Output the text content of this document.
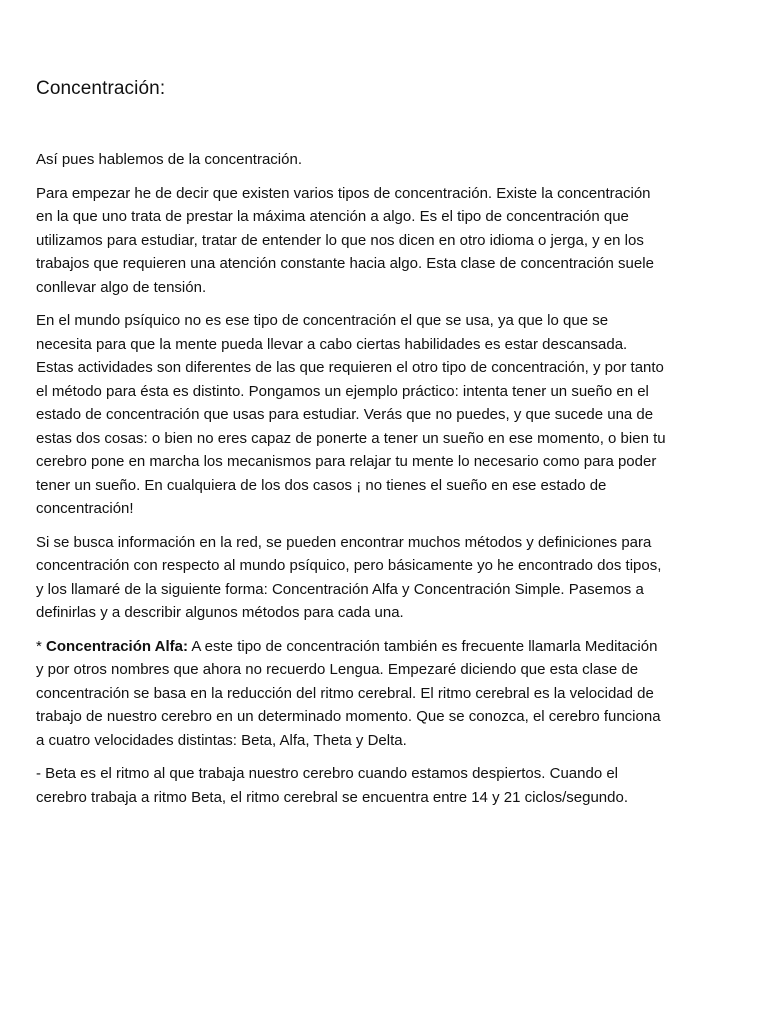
Concentración:

Así pues hablemos de la concentración.

Para empezar he de decir que existen varios tipos de concentración. Existe la concentración en la que uno trata de prestar la máxima atención a algo. Es el tipo de concentración que utilizamos para estudiar, tratar de entender lo que nos dicen en otro idioma o jerga, y en los trabajos que requieren una atención constante hacia algo. Esta clase de concentración suele conllevar algo de tensión.

En el mundo psíquico no es ese tipo de concentración el que se usa, ya que lo que se necesita para que la mente pueda llevar a cabo ciertas habilidades es estar descansada. Estas actividades son diferentes de las que requieren el otro tipo de concentración, y por tanto el método para ésta es distinto. Pongamos un ejemplo práctico: intenta tener un sueño en el estado de concentración que usas para estudiar. Verás que no puedes, y que sucede una de estas dos cosas: o bien no eres capaz de ponerte a tener un sueño en ese momento, o bien tu cerebro pone en marcha los mecanismos para relajar tu mente lo necesario como para poder tener un sueño. En cualquiera de los dos casos ¡ no tienes el sueño en ese estado de concentración!

Si se busca información en la red, se pueden encontrar muchos métodos y definiciones para concentración con respecto al mundo psíquico, pero básicamente yo he encontrado dos tipos, y los llamaré de la siguiente forma: Concentración Alfa y Concentración Simple. Pasemos a definirlas y a describir algunos métodos para cada una.

* Concentración Alfa: A este tipo de concentración también es frecuente llamarla Meditación y por otros nombres que ahora no recuerdo Lengua. Empezaré diciendo que esta clase de concentración se basa en la reducción del ritmo cerebral. El ritmo cerebral es la velocidad de trabajo de nuestro cerebro en un determinado momento. Que se conozca, el cerebro funciona a cuatro velocidades distintas: Beta, Alfa, Theta y Delta.

- Beta es el ritmo al que trabaja nuestro cerebro cuando estamos despiertos. Cuando el cerebro trabaja a ritmo Beta, el ritmo cerebral se encuentra entre 14 y 21 ciclos/segundo.
